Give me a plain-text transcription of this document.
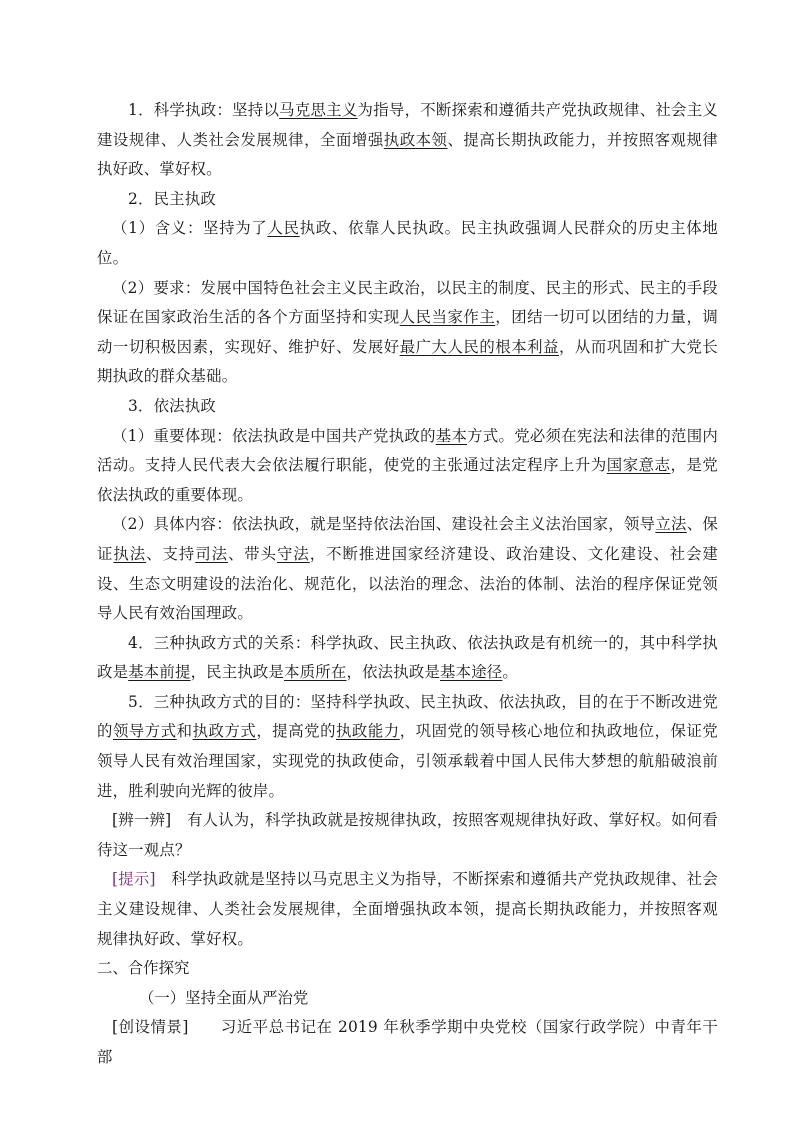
1．科学执政：坚持以马克思主义为指导，不断探索和遵循共产党执政规律、社会主义建设规律、人类社会发展规律，全面增强执政本领、提高长期执政能力，并按照客观规律执好政、掌好权。

2．民主执政

（1）含义：坚持为了人民执政、依靠人民执政。民主执政强调人民群众的历史主体地位。

（2）要求：发展中国特色社会主义民主政治，以民主的制度、民主的形式、民主的手段保证在国家政治生活的各个方面坚持和实现人民当家作主，团结一切可以团结的力量，调动一切积极因素，实现好、维护好、发展好最广大人民的根本利益，从而巩固和扩大党长期执政的群众基础。

3．依法执政

（1）重要体现：依法执政是中国共产党执政的基本方式。党必须在宪法和法律的范围内活动。支持人民代表大会依法履行职能，使党的主张通过法定程序上升为国家意志，是党依法执政的重要体现。

（2）具体内容：依法执政，就是坚持依法治国、建设社会主义法治国家，领导立法、保证执法、支持司法、带头守法，不断推进国家经济建设、政治建设、文化建设、社会建设、生态文明建设的法治化、规范化，以法治的理念、法治的体制、法治的程序保证党领导人民有效治国理政。

4．三种执政方式的关系：科学执政、民主执政、依法执政是有机统一的，其中科学执政是基本前提，民主执政是本质所在，依法执政是基本途径。

5．三种执政方式的目的：坚持科学执政、民主执政、依法执政，目的在于不断改进党的领导方式和执政方式，提高党的执政能力，巩固党的领导核心地位和执政地位，保证党领导人民有效治理国家，实现党的执政使命，引领承载着中国人民伟大梦想的航船破浪前进，胜利驶向光辉的彼岸。

[辨一辨]　有人认为，科学执政就是按规律执政，按照客观规律执好政、掌好权。如何看待这一观点？

[提示]　科学执政就是坚持以马克思主义为指导，不断探索和遵循共产党执政规律、社会主义建设规律、人类社会发展规律，全面增强执政本领，提高长期执政能力，并按照客观规律执好政、掌好权。

二、合作探究

（一）坚持全面从严治党

[创设情景]　　习近平总书记在 2019 年秋季学期中央党校（国家行政学院）中青年干部
